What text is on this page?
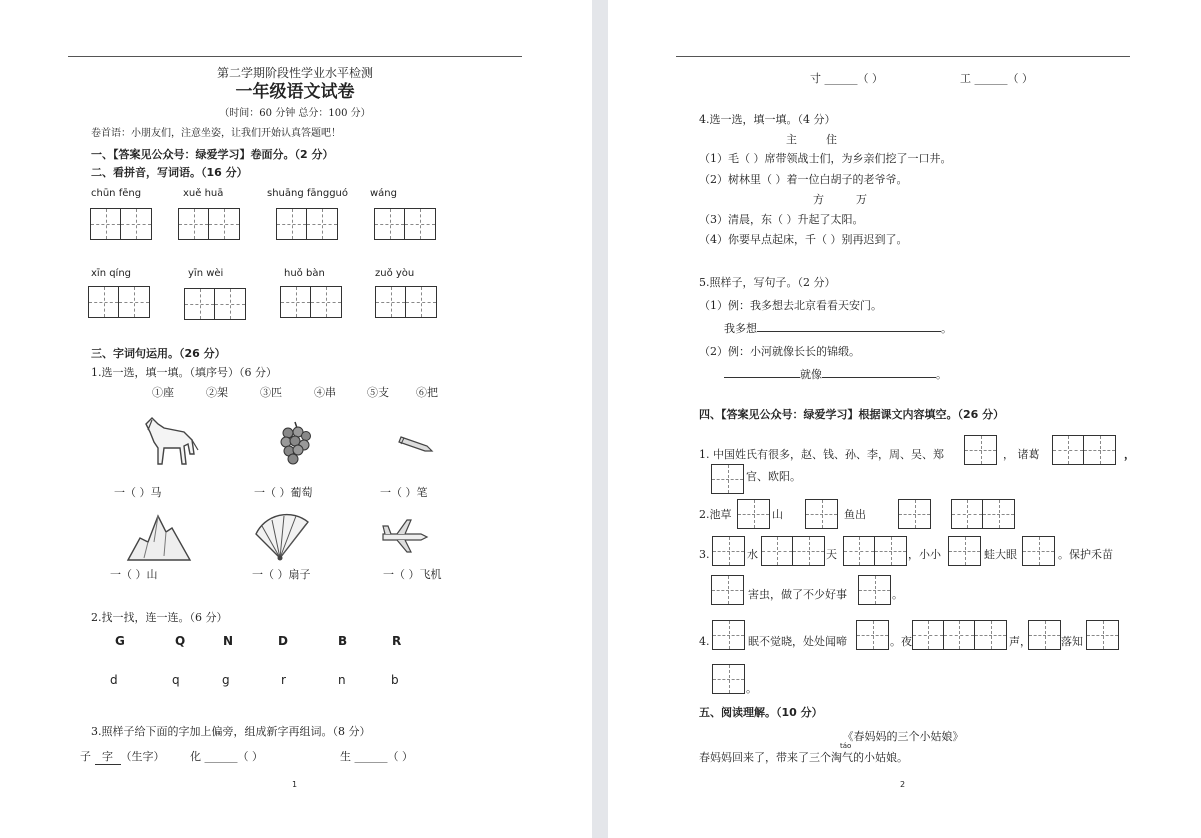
第二学期阶段性学业水平检测
一年级语文试卷
（时间：60 分钟 总分：100 分）
卷首语：小朋友们，注意坐姿，让我们开始认真答题吧！
一、【答案见公众号：绿爱学习】卷面分。（2 分）
二、看拼音，写词语。（16 分）
chūn fēng	xuě huā	shuāng fāngguó wáng
xīn qíng	yīn wèi	huǒ bàn	zuǒ yòu
三、字词句运用。（26 分）
1.选一选，填一填。（填序号）（6 分）
①座	②架	③匹	④串	⑤支 ⑥把
一（ ）马	一（ ）葡萄	一（ ）笔
一（ ）山	一（ ）扇子	一（ ）飞机
2.找一找，连一连。（6 分）
G	Q	N	D	B	R
d	q	g	r	n	b
3.照样子给下面的字加上偏旁，组成新字再组词。（8 分）
子 字 （生字） 化 ______（ ）	生 ______（ ）
1
寸 ______（ ）	工 ______（ ）
4.选一选，填一填。（4 分）
主	住
（1）毛（ ）席带领战士们，为乡亲们挖了一口井。
（2）树林里（ ）着一位白胡子的老爷爷。
方	万
（3）清晨，东（ ）升起了太阳。
（4）你要早点起床，千（ ）别再迟到了。
5.照样子，写句子。（2 分）
（1）例：我多想去北京看看天安门。
我多想	。
（2）例：小河就像长长的锦缎。
就像	。
四、【答案见公众号：绿爱学习】根据课文内容填空。（26 分）
1. 中国姓氏有很多，赵、钱、孙、李，周、吴、郑	， 诸葛	，
官、欧阳。
2.池草	山	鱼出
3.	水	天	，小小	蛙大眼	。保护禾苗
害虫，做了不少好事	。
4.	眠不觉晓，处处闻啼	。夜	声，	落知
。
五、阅读理解。（10 分）
《春妈妈的三个小姑娘》
táo
春妈妈回来了，带来了三个淘气的小姑娘。
2
